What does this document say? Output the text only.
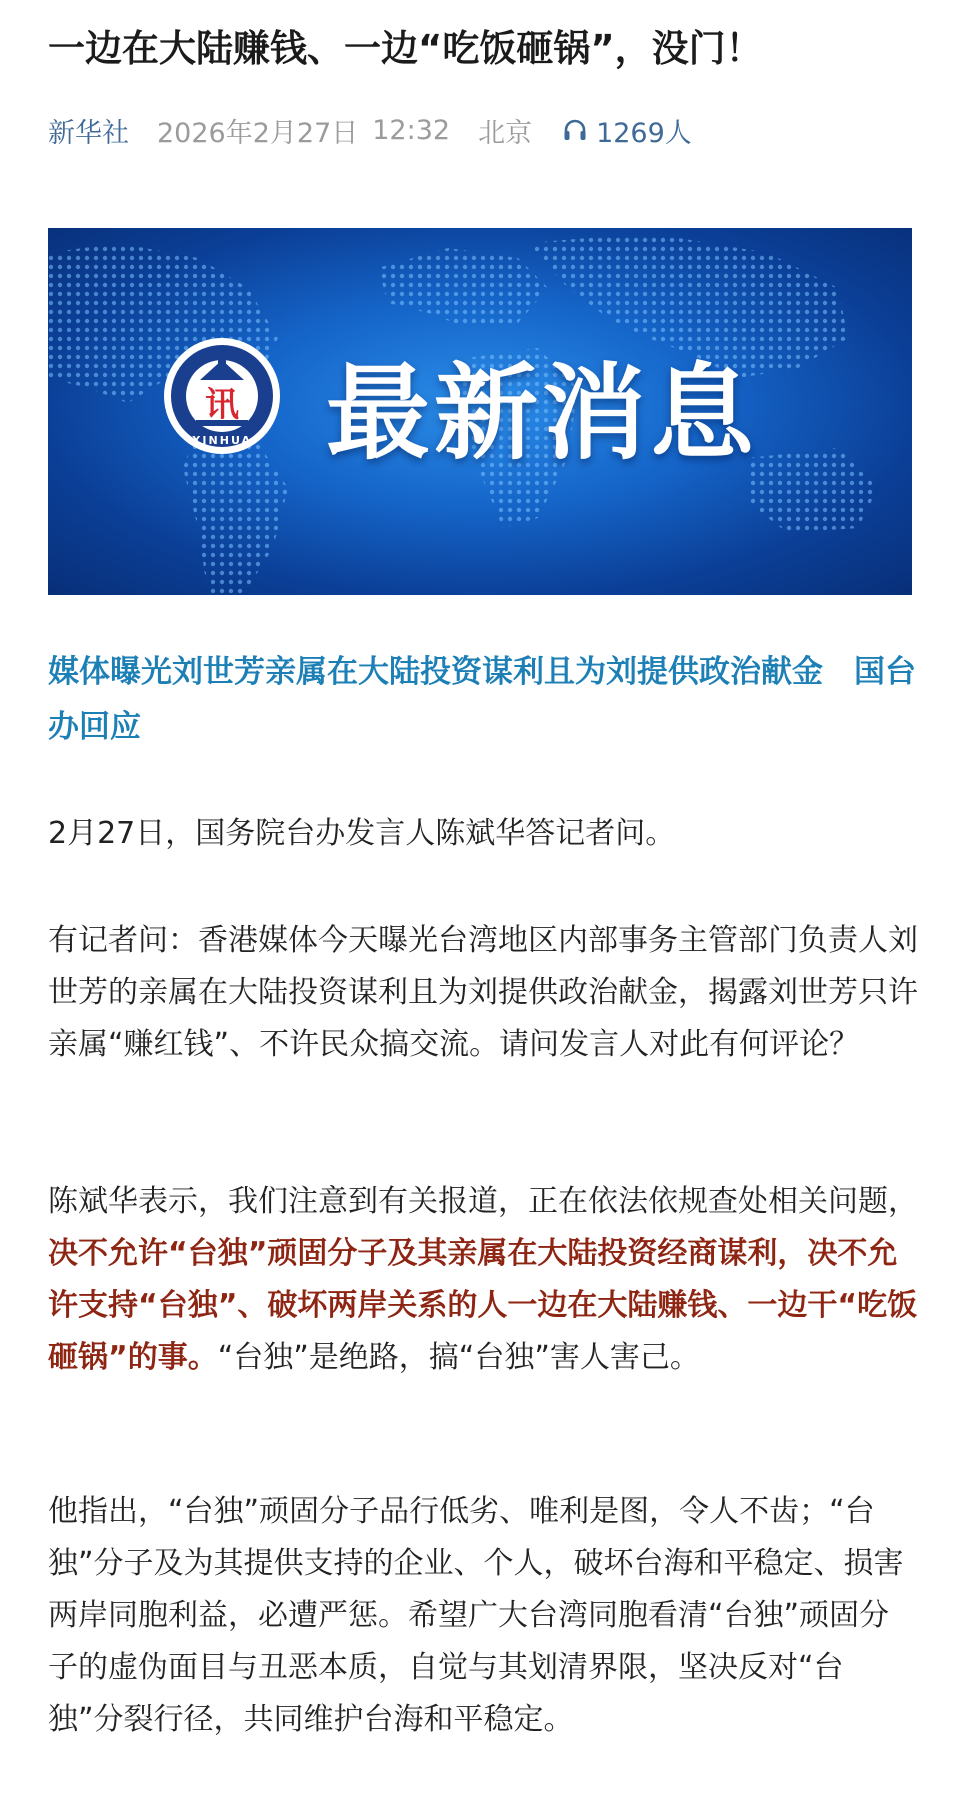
一边在大陆赚钱、一边“吃饭砸锅”，没门！
新华社 2026年2月27日 12:32 北京 1269人
讯
XINHUA 最新消息
媒体曝光刘世芳亲属在大陆投资谋利且为刘提供政治献金　国台办回应

2月27日，国务院台办发言人陈斌华答记者问。

有记者问：香港媒体今天曝光台湾地区内部事务主管部门负责人刘世芳的亲属在大陆投资谋利且为刘提供政治献金，揭露刘世芳只许亲属“赚红钱”、不许民众搞交流。请问发言人对此有何评论？

陈斌华表示，我们注意到有关报道，正在依法依规查处相关问题，决不允许“台独”顽固分子及其亲属在大陆投资经商谋利，决不允许支持“台独”、破坏两岸关系的人一边在大陆赚钱、一边干“吃饭砸锅”的事。“台独”是绝路，搞“台独”害人害己。

他指出，“台独”顽固分子品行低劣、唯利是图，令人不齿；“台独”分子及为其提供支持的企业、个人，破坏台海和平稳定、损害两岸同胞利益，必遭严惩。希望广大台湾同胞看清“台独”顽固分子的虚伪面目与丑恶本质，自觉与其划清界限，坚决反对“台独”分裂行径，共同维护台海和平稳定。
